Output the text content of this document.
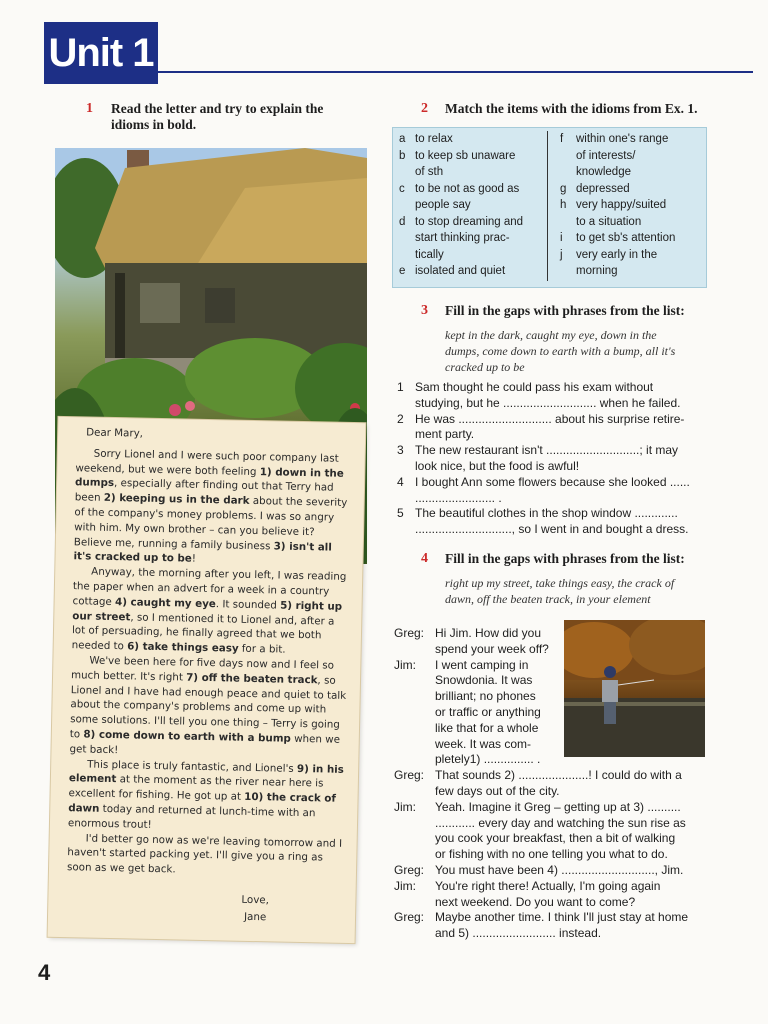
Unit 1
1 Read the letter and try to explain the idioms in bold.
Dear Mary,

Sorry Lionel and I were such poor company last weekend, but we were both feeling 1) down in the dumps, especially after finding out that Terry had been 2) keeping us in the dark about the severity of the company's money problems. I was so angry with him. My own brother – can you believe it? Believe me, running a family business 3) isn't all it's cracked up to be!

Anyway, the morning after you left, I was reading the paper when an advert for a week in a country cottage 4) caught my eye. It sounded 5) right up our street, so I mentioned it to Lionel and, after a lot of persuading, he finally agreed that we both needed to 6) take things easy for a bit.

We've been here for five days now and I feel so much better. It's right 7) off the beaten track, so Lionel and I have had enough peace and quiet to talk about the company's problems and come up with some solutions. I'll tell you one thing – Terry is going to 8) come down to earth with a bump when we get back!

This place is truly fantastic, and Lionel's 9) in his element at the moment as the river near here is excellent for fishing. He got up at 10) the crack of dawn today and returned at lunch-time with an enormous trout!

I'd better go now as we're leaving tomorrow and I haven't started packing yet. I'll give you a ring as soon as we get back.

Love,
Jane
2 Match the items with the idioms from Ex. 1.
a to relax
b to keep sb unaware
of sth
c to be not as good as
people say
d to stop dreaming and
start thinking prac-
tically
e isolated and quiet
f	within one's range
of interests/
knowledge
g depressed
h very happy/suited
to a situation
i	to get sb's attention
j	very early in the
morning
3 Fill in the gaps with phrases from the list:
kept in the dark, caught my eye, down in the
dumps, come down to earth with a bump, all it's
cracked up to be
1 Sam thought he could pass his exam without
studying, but he ............................ when he failed.
2 He was ............................ about his surprise retire-
ment party.
3 The new restaurant isn't ............................; it may
look nice, but the food is awful!
4 I bought Ann some flowers because she looked ......
........................ .
5 The beautiful clothes in the shop window .............
............................., so I went in and bought a dress.
4 Fill in the gaps with phrases from the list:
right up my street, take things easy, the crack of
dawn, off the beaten track, in your element
Greg: Hi Jim. How did you
spend your week off?
Jim:	I went camping in
Snowdonia. It was
brilliant; no phones
or traffic or anything
like that for a whole
week. It was com-
pletely1) ............... .
Greg: That sounds 2) .....................! I could do with a
few days out of the city.
Jim:	Yeah. Imagine it Greg – getting up at 3) ..........
............ every day and watching the sun rise as
you cook your breakfast, then a bit of walking
or fishing with no one telling you what to do.
Greg: You must have been 4) ............................, Jim.
Jim:	You're right there! Actually, I'm going again
next weekend. Do you want to come?
Greg: Maybe another time. I think I'll just stay at home
and 5) ......................... instead.
4
